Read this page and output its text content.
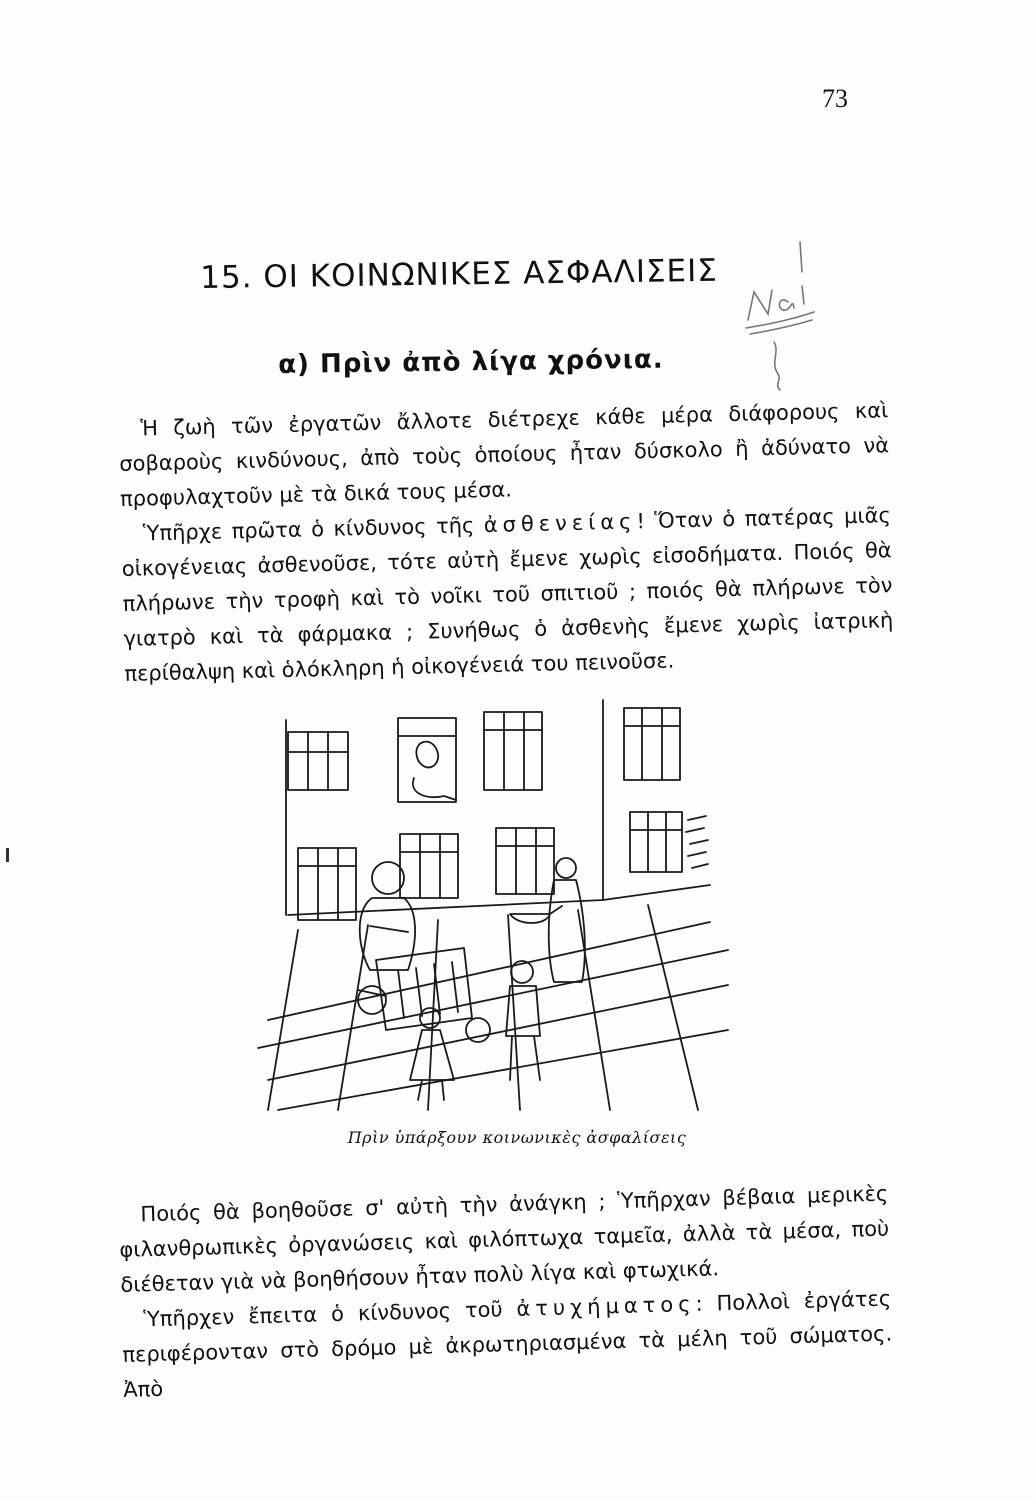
73
15. ΟΙ ΚΟΙΝΩΝΙΚΕΣ ΑΣΦΑΛΙΣΕΙΣ
α) Πρὶν ἀπὸ λίγα χρόνια.
Ναι

Ἡ ζωὴ τῶν ἐργατῶν ἄλλοτε διέτρεχε κάθε μέρα διάφορους καὶ σοβαροὺς κινδύνους, ἀπὸ τοὺς ὁποίους ἦταν δύσκολο ἢ ἀδύνατο νὰ προφυλαχτοῦν μὲ τὰ δικά τους μέσα.

Ὑπῆρχε πρῶτα ὁ κίνδυνος τῆς ἀσθενείας! Ὅταν ὁ πατέρας μιᾶς οἰκογένειας ἀσθενοῦσε, τότε αὐτὴ ἔμενε χωρὶς εἰσοδήματα. Ποιός θὰ πλήρωνε τὴν τροφὴ καὶ τὸ νοῖκι τοῦ σπιτιοῦ ; ποιός θὰ πλήρωνε τὸν γιατρὸ καὶ τὰ φάρμακα ; Συνήθως ὁ ἀσθενὴς ἔμενε χωρὶς ἰατρικὴ περίθαλψη καὶ ὁλόκληρη ἡ οἰκογένειά του πεινοῦσε.

Πρὶν ὑπάρξουν κοινωνικὲς ἀσφαλίσεις

Ποιός θὰ βοηθοῦσε σ' αὐτὴ τὴν ἀνάγκη ; Ὑπῆρχαν βέβαια μερικὲς φιλανθρωπικὲς ὀργανώσεις καὶ φιλόπτωχα ταμεῖα, ἀλλὰ τὰ μέσα, ποὺ διέθεταν γιὰ νὰ βοηθήσουν ἦταν πολὺ λίγα καὶ φτωχικά.

Ὑπῆρχεν ἔπειτα ὁ κίνδυνος τοῦ ἀτυχήματος: Πολλοὶ ἐργάτες περιφέρονταν στὸ δρόμο μὲ ἀκρωτηριασμένα τὰ μέλη τοῦ σώματος. Ἀπὸ
